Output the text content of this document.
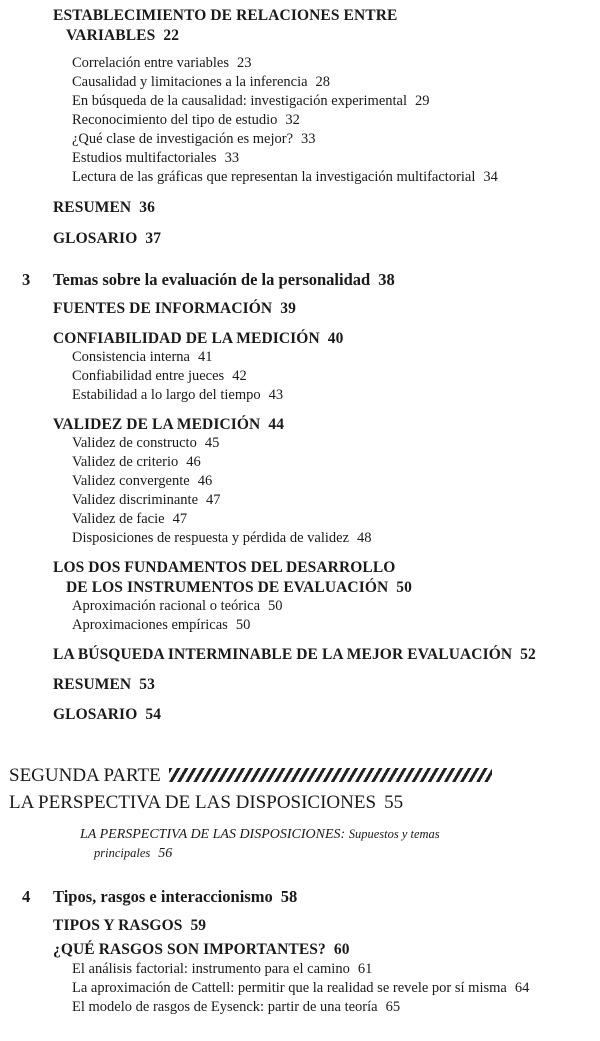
ESTABLECIMIENTO DE RELACIONES ENTRE
VARIABLES 22
Correlación entre variables 23
Causalidad y limitaciones a la inferencia 28
En búsqueda de la causalidad: investigación experimental 29
Reconocimiento del tipo de estudio 32
¿Qué clase de investigación es mejor? 33
Estudios multifactoriales 33
Lectura de las gráficas que representan la investigación multifactorial 34
RESUMEN 36
GLOSARIO 37
3 Temas sobre la evaluación de la personalidad 38
FUENTES DE INFORMACIÓN 39
CONFIABILIDAD DE LA MEDICIÓN 40
Consistencia interna 41
Confiabilidad entre jueces 42
Estabilidad a lo largo del tiempo 43
VALIDEZ DE LA MEDICIÓN 44
Validez de constructo 45
Validez de criterio 46
Validez convergente 46
Validez discriminante 47
Validez de facie 47
Disposiciones de respuesta y pérdida de validez 48
LOS DOS FUNDAMENTOS DEL DESARROLLO
DE LOS INSTRUMENTOS DE EVALUACIÓN 50
Aproximación racional o teórica 50
Aproximaciones empíricas 50
LA BÚSQUEDA INTERMINABLE DE LA MEJOR EVALUACIÓN 52
RESUMEN 53
GLOSARIO 54
SEGUNDA PARTE
LA PERSPECTIVA DE LAS DISPOSICIONES 55
LA PERSPECTIVA DE LAS DISPOSICIONES: Supuestos y temas
principales 56
4 Tipos, rasgos e interaccionismo 58
TIPOS Y RASGOS 59
¿QUÉ RASGOS SON IMPORTANTES? 60
El análisis factorial: instrumento para el camino 61
La aproximación de Cattell: permitir que la realidad se revele por sí misma 64
El modelo de rasgos de Eysenck: partir de una teoría 65
